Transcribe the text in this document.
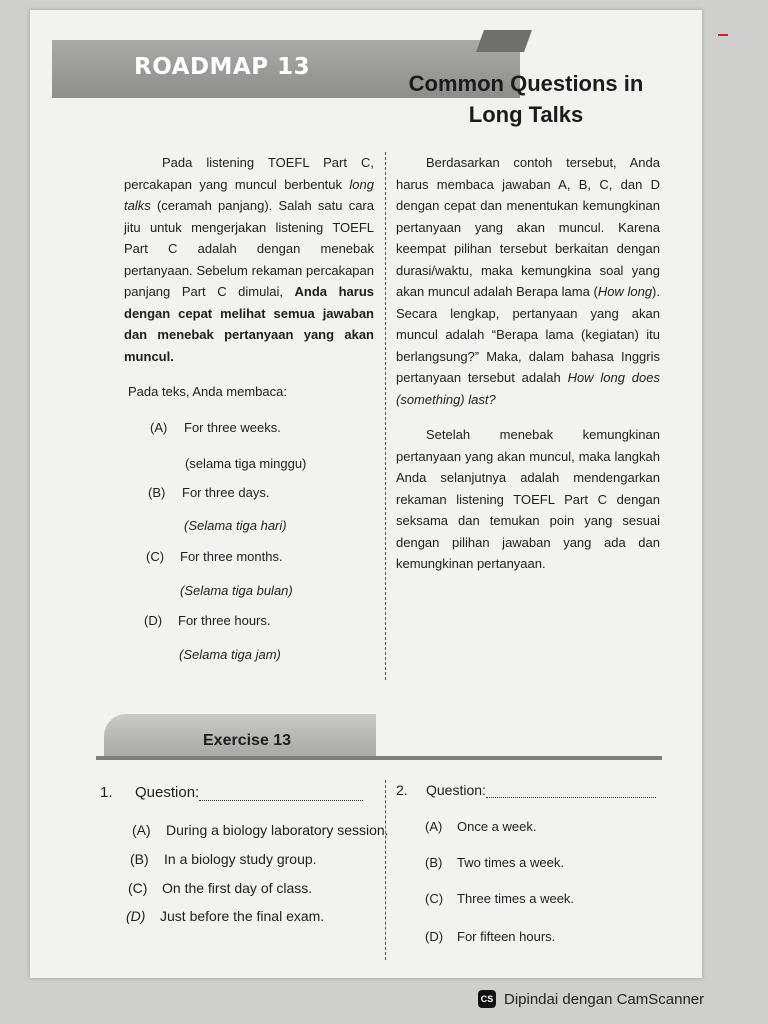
ROADMAP 13
Common Questions in
Long Talks

Pada listening TOEFL Part C, percakapan yang muncul berbentuk long talks (ceramah panjang). Salah satu cara jitu untuk mengerjakan listening TOEFL Part C adalah dengan menebak pertanyaan. Sebelum rekaman percakapan panjang Part C dimulai, Anda harus dengan cepat melihat semua jawaban dan menebak pertanyaan yang akan muncul.

Pada teks, Anda membaca:
(A) For three weeks.
(selama tiga minggu)
(B) For three days.
(Selama tiga hari)
(C) For three months.
(Selama tiga bulan)
(D) For three hours.
(Selama tiga jam)

Berdasarkan contoh tersebut, Anda harus membaca jawaban A, B, C, dan D dengan cepat dan menentukan kemungkinan pertanyaan yang akan muncul. Karena keempat pilihan tersebut berkaitan dengan durasi/waktu, maka kemungkina soal yang akan muncul adalah Berapa lama (How long). Secara lengkap, pertanyaan yang akan muncul adalah “Berapa lama (kegiatan) itu berlangsung?” Maka, dalam bahasa Inggris pertanyaan tersebut adalah How long does (something) last?

Setelah menebak kemungkinan pertanyaan yang akan muncul, maka langkah Anda selanjutnya adalah mendengarkan rekaman listening TOEFL Part C dengan seksama dan temukan poin yang sesuai dengan pilihan jawaban yang ada dan kemungkinan pertanyaan.

Exercise 13
1. Question:
(A) During a biology laboratory session.
(B) In a biology study group.
(C) On the first day of class.
(D) Just before the final exam.
2. Question:
(A) Once a week.
(B) Two times a week.
(C) Three times a week.
(D) For fifteen hours.
CS Dipindai dengan CamScanner
